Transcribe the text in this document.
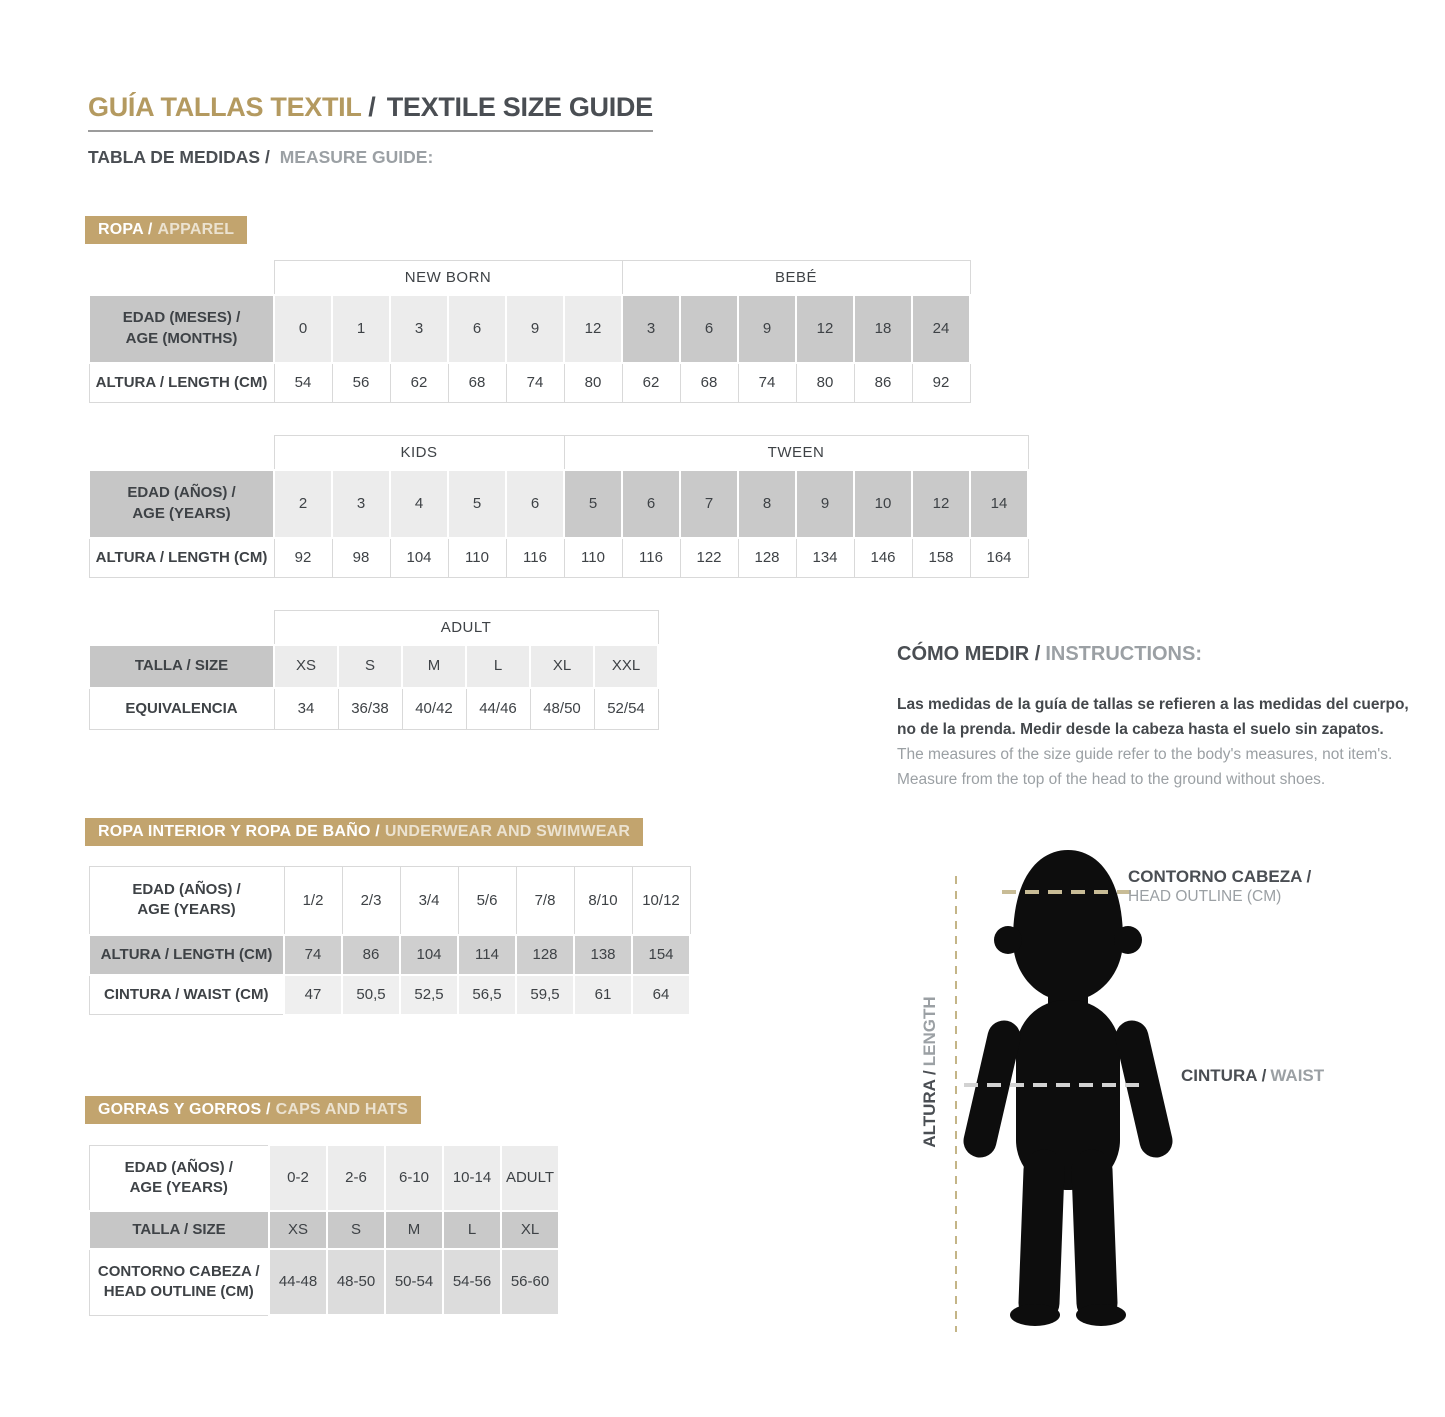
GUÍA TALLAS TEXTIL / TEXTILE SIZE GUIDE
TABLA DE MEDIDAS / MEASURE GUIDE:
ROPA / APPAREL
	NEW BORN						BEBÉ					

EDAD (MESES) /
AGE (MONTHS)	0	1	3	6	9	12	3	6	9	12	18	24
ALTURA / LENGTH (CM)	54	56	62	68	74	80	62	68	74	80	86	92
	KIDS					TWEEN							

EDAD (AÑOS) /
AGE (YEARS)	2	3	4	5	6	5	6	7	8	9	10	12	14
ALTURA / LENGTH (CM)	92	98	104	110	116	110	116	122	128	134	146	158	164
	ADULT					
TALLA / SIZE	XS	S	M	L	XL	XXL
EQUIVALENCIA	34	36/38	40/42	44/46	48/50	52/54
CÓMO MEDIR / INSTRUCTIONS:

Las medidas de la guía de tallas se refieren a las medidas del cuerpo,
no de la prenda. Medir desde la cabeza hasta el suelo sin zapatos.
The measures of the size guide refer to the body's measures, not item's.
Measure from the top of the head to the ground without shoes.

ROPA INTERIOR Y ROPA DE BAÑO / UNDERWEAR AND SWIMWEAR
EDAD (AÑOS) /
AGE (YEARS)	1/2	2/3	3/4	5/6	7/8	8/10	10/12
ALTURA / LENGTH (CM)	74	86	104	114	128	138	154
CINTURA / WAIST (CM)	47	50,5	52,5	56,5	59,5	61	64
GORRAS Y GORROS / CAPS AND HATS
EDAD (AÑOS) /
AGE (YEARS)	0-2	2-6	6-10	10-14	ADULT
TALLA / SIZE	XS	S	M	L	XL

CONTORNO CABEZA /
HEAD OUTLINE (CM)	44-48	48-50	50-54	54-56	56-60
ALTURA /LENGTH
CONTORNO CABEZA /
HEAD OUTLINE (CM)
CINTURA / WAIST
